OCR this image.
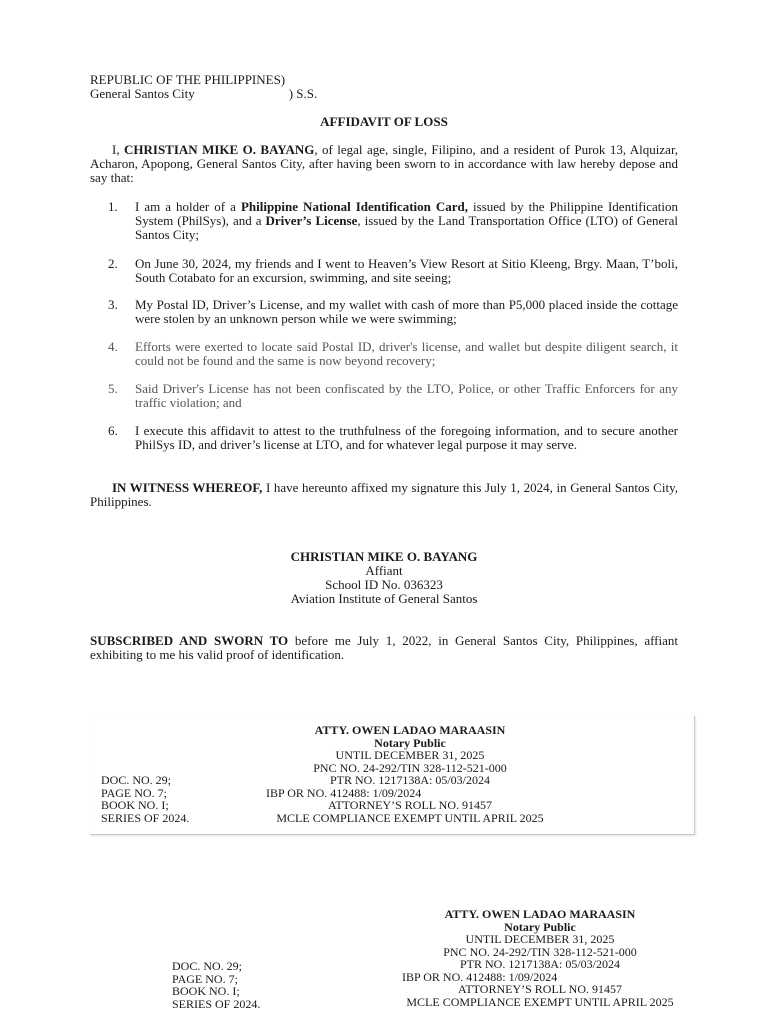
REPUBLIC OF THE PHILIPPINES)
General Santos City	) S.S.
AFFIDAVIT OF LOSS
I, CHRISTIAN MIKE O. BAYANG, of legal age, single, Filipino, and a resident of Purok 13, Alquizar, Acharon, Apopong, General Santos City, after having been sworn to in accordance with law hereby depose and say that:
1. I am a holder of a Philippine National Identification Card, issued by the Philippine Identification System (PhilSys), and a Driver’s License, issued by the Land Transportation Office (LTO) of General Santos City;
2. On June 30, 2024, my friends and I went to Heaven’s View Resort at Sitio Kleeng, Brgy. Maan, T’boli, South Cotabato for an excursion, swimming, and site seeing;
3. My Postal ID, Driver’s License, and my wallet with cash of more than P5,000 placed inside the cottage were stolen by an unknown person while we were swimming;
4. Efforts were exerted to locate said Postal ID, driver's license, and wallet but despite diligent search, it could not be found and the same is now beyond recovery;
5. Said Driver's License has not been confiscated by the LTO, Police, or other Traffic Enforcers for any traffic violation; and
6. I execute this affidavit to attest to the truthfulness of the foregoing information, and to secure another PhilSys ID, and driver’s license at LTO, and for whatever legal purpose it may serve.
IN WITNESS WHEREOF, I have hereunto affixed my signature this July 1, 2024, in General Santos City, Philippines.
CHRISTIAN MIKE O. BAYANG
Affiant
School ID No. 036323
Aviation Institute of General Santos
SUBSCRIBED AND SWORN TO before me July 1, 2022, in General Santos City, Philippines, affiant exhibiting to me his valid proof of identification.
ATTY. OWEN LADAO MARAASIN
Notary Public
UNTIL DECEMBER 31, 2025
PNC NO. 24-292/TIN 328-112-521-000
PTR NO. 1217138A: 05/03/2024
IBP OR NO. 412488: 1/09/2024
ATTORNEY’S ROLL NO. 91457
MCLE COMPLIANCE EXEMPT UNTIL APRIL 2025
DOC. NO. 29;
PAGE NO. 7;
BOOK NO. I;
SERIES OF 2024.
ATTY. OWEN LADAO MARAASIN
Notary Public
UNTIL DECEMBER 31, 2025
PNC NO. 24-292/TIN 328-112-521-000
PTR NO. 1217138A: 05/03/2024
IBP OR NO. 412488: 1/09/2024
ATTORNEY’S ROLL NO. 91457
MCLE COMPLIANCE EXEMPT UNTIL APRIL 2025
DOC. NO. 29;
PAGE NO. 7;
BOOK NO. I;
SERIES OF 2024.
